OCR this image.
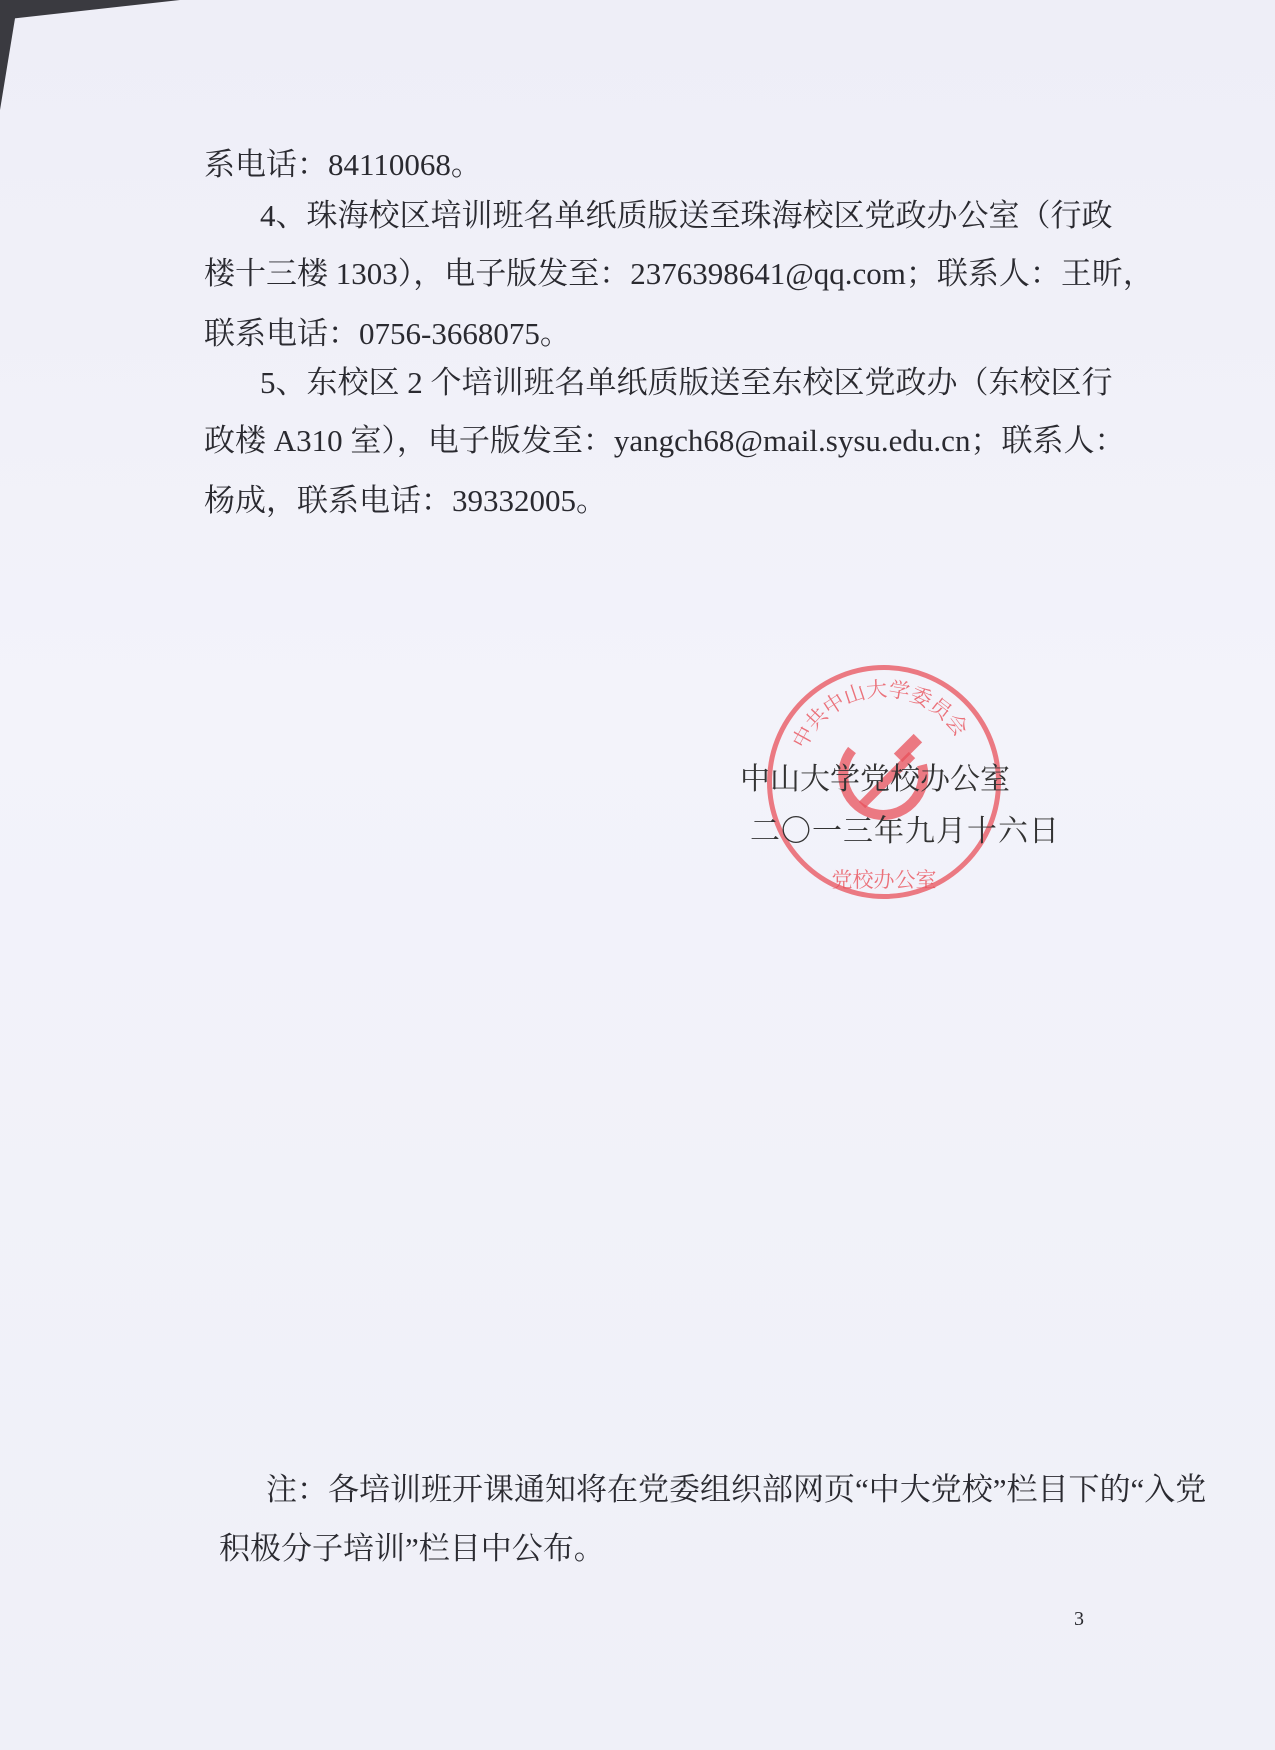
系电话：84110068。
4、珠海校区培训班名单纸质版送至珠海校区党政办公室（行政
楼十三楼 1303），电子版发至：2376398641@qq.com；联系人：王昕，
联系电话：0756-3668075。
5、东校区 2 个培训班名单纸质版送至东校区党政办（东校区行
政楼 A310 室），电子版发至：yangch68@mail.sysu.edu.cn；联系人：
杨成，联系电话：39332005。
中共中山大学委员会
党校办公室
中山大学党校办公室
二〇一三年九月十六日
注：各培训班开课通知将在党委组织部网页“中大党校”栏目下的“入党
积极分子培训”栏目中公布。
3
